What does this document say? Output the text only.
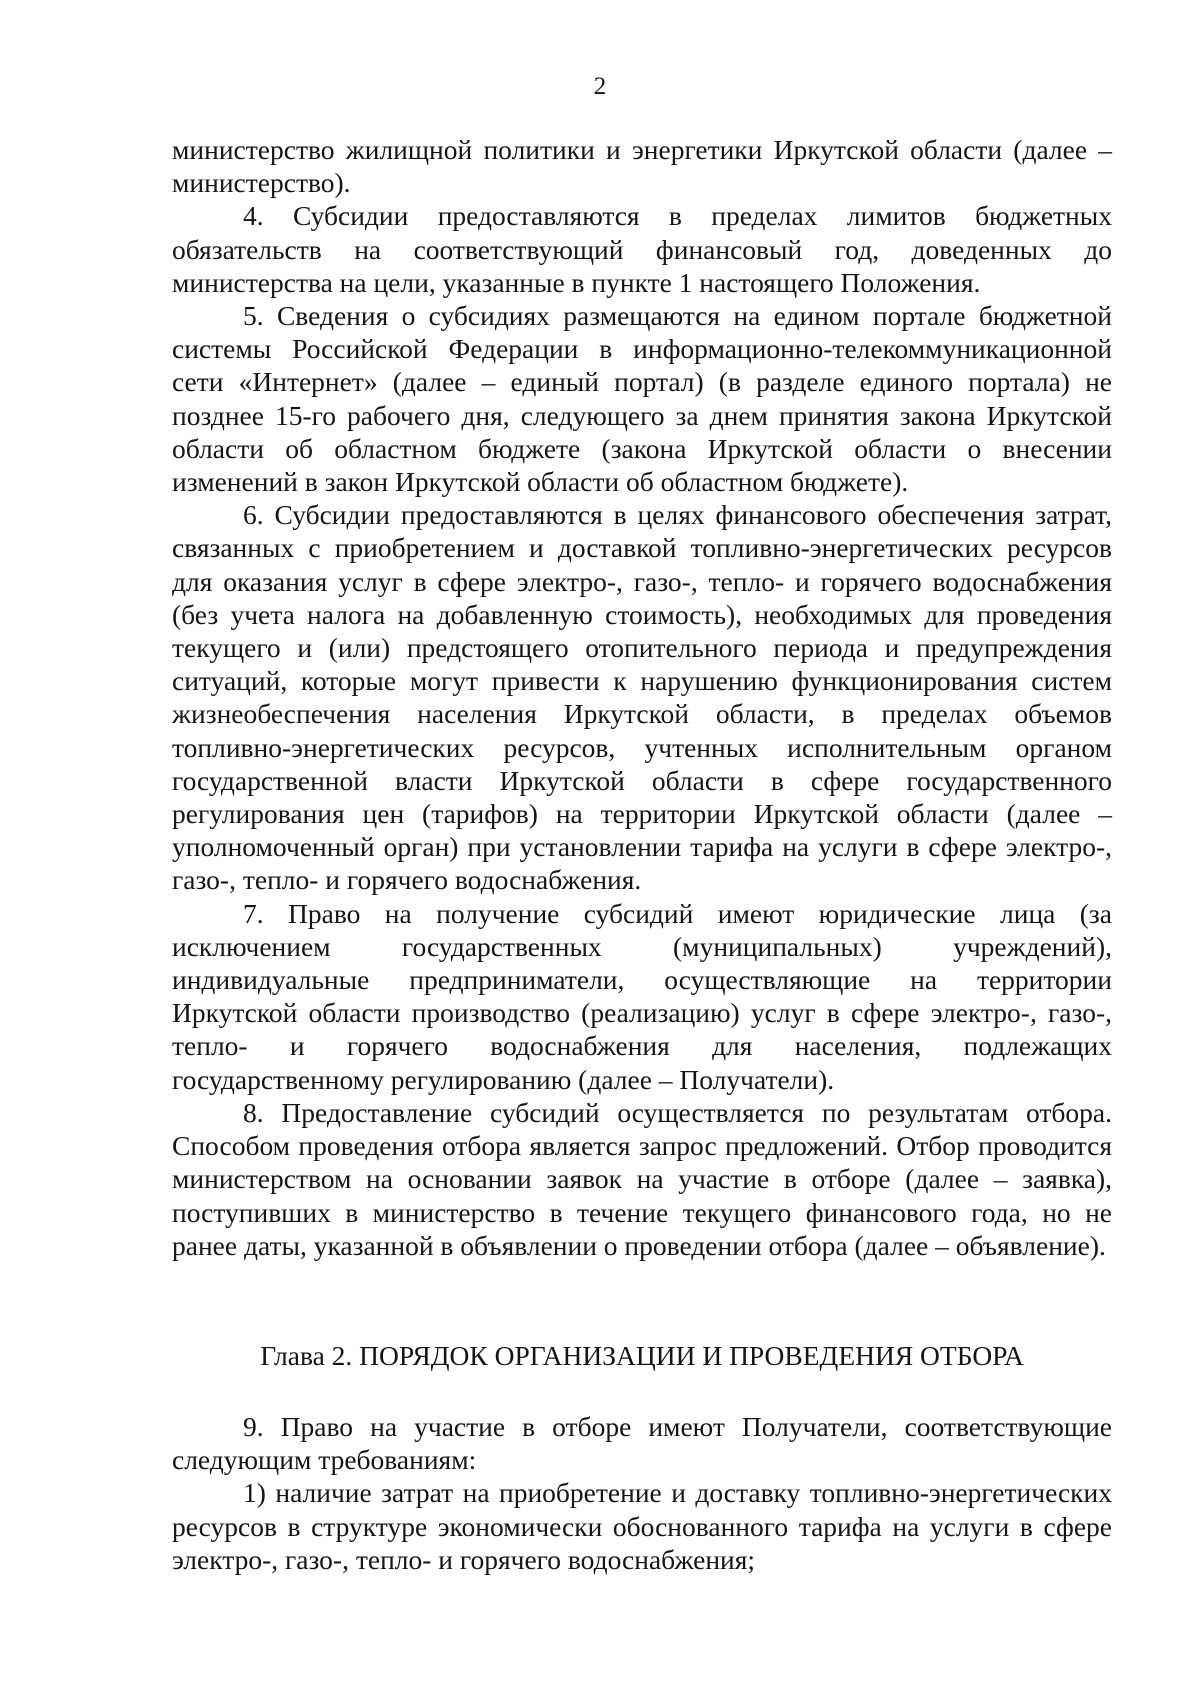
2

министерство жилищной политики и энергетики Иркутской области (далее – министерство).

4. Субсидии предоставляются в пределах лимитов бюджетных обязательств на соответствующий финансовый год, доведенных до министерства на цели, указанные в пункте 1 настоящего Положения.

5. Сведения о субсидиях размещаются на едином портале бюджетной системы Российской Федерации в информационно-телекоммуникационной сети «Интернет» (далее – единый портал) (в разделе единого портала) не позднее 15-го рабочего дня, следующего за днем принятия закона Иркутской области об областном бюджете (закона Иркутской области о внесении изменений в закон Иркутской области об областном бюджете).

6. Субсидии предоставляются в целях финансового обеспечения затрат, связанных с приобретением и доставкой топливно-энергетических ресурсов для оказания услуг в сфере электро-, газо-, тепло- и горячего водоснабжения (без учета налога на добавленную стоимость), необходимых для проведения текущего и (или) предстоящего отопительного периода и предупреждения ситуаций, которые могут привести к нарушению функционирования систем жизнеобеспечения населения Иркутской области, в пределах объемов топливно-энергетических ресурсов, учтенных исполнительным органом государственной власти Иркутской области в сфере государственного регулирования цен (тарифов) на территории Иркутской области (далее – уполномоченный орган) при установлении тарифа на услуги в сфере электро-, газо-, тепло- и горячего водоснабжения.

7. Право на получение субсидий имеют юридические лица (за исключением государственных (муниципальных) учреждений), индивидуальные предприниматели, осуществляющие на территории Иркутской области производство (реализацию) услуг в сфере электро-, газо-, тепло- и горячего водоснабжения для населения, подлежащих государственному регулированию (далее – Получатели).

8. Предоставление субсидий осуществляется по результатам отбора. Способом проведения отбора является запрос предложений. Отбор проводится министерством на основании заявок на участие в отборе (далее – заявка), поступивших в министерство в течение текущего финансового года, но не ранее даты, указанной в объявлении о проведении отбора (далее – объявление).

Глава 2. ПОРЯДОК ОРГАНИЗАЦИИ И ПРОВЕДЕНИЯ ОТБОРА

9. Право на участие в отборе имеют Получатели, соответствующие следующим требованиям:

1) наличие затрат на приобретение и доставку топливно-энергетических ресурсов в структуре экономически обоснованного тарифа на услуги в сфере электро-, газо-, тепло- и горячего водоснабжения;
